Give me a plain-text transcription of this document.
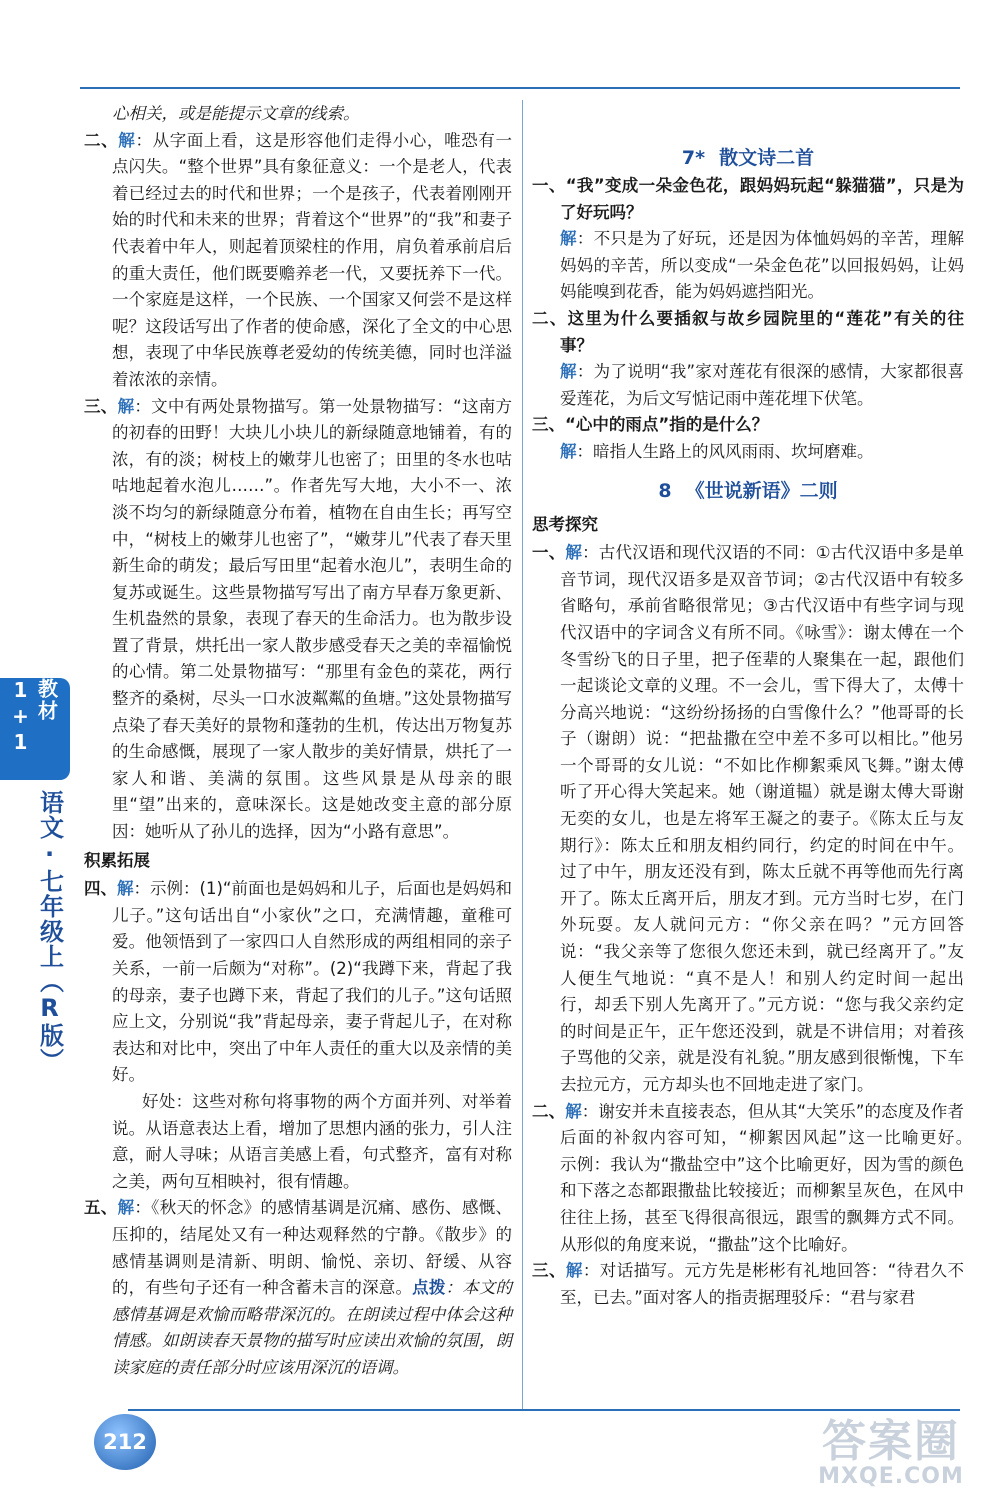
教材1+1
语文·七年级上（R版）

心相关，或是能提示文章的线索。

二、解：从字面上看，这是形容他们走得小心，唯恐有一点闪失。“整个世界”具有象征意义：一个是老人，代表着已经过去的时代和世界；一个是孩子，代表着刚刚开始的时代和未来的世界；背着这个“世界”的“我”和妻子代表着中年人，则起着顶梁柱的作用，肩负着承前启后的重大责任，他们既要赡养老一代，又要抚养下一代。一个家庭是这样，一个民族、一个国家又何尝不是这样呢？这段话写出了作者的使命感，深化了全文的中心思想，表现了中华民族尊老爱幼的传统美德，同时也洋溢着浓浓的亲情。

三、解：文中有两处景物描写。第一处景物描写：“这南方的初春的田野！大块儿小块儿的新绿随意地铺着，有的浓，有的淡；树枝上的嫩芽儿也密了；田里的冬水也咕咕地起着水泡儿……”。作者先写大地，大小不一、浓淡不均匀的新绿随意分布着，植物在自由生长；再写空中，“树枝上的嫩芽儿也密了”，“嫩芽儿”代表了春天里新生命的萌发；最后写田里“起着水泡儿”，表明生命的复苏或诞生。这些景物描写写出了南方早春万象更新、生机盎然的景象，表现了春天的生命活力。也为散步设置了背景，烘托出一家人散步感受春天之美的幸福愉悦的心情。第二处景物描写：“那里有金色的菜花，两行整齐的桑树，尽头一口水波粼粼的鱼塘。”这处景物描写点染了春天美好的景物和蓬勃的生机，传达出万物复苏的生命感慨，展现了一家人散步的美好情景，烘托了一家人和谐、美满的氛围。这些风景是从母亲的眼里“望”出来的，意味深长。这是她改变主意的部分原因：她听从了孙儿的选择，因为“小路有意思”。

积累拓展

四、解：示例：(1)“前面也是妈妈和儿子，后面也是妈妈和儿子。”这句话出自“小家伙”之口，充满情趣，童稚可爱。他领悟到了一家四口人自然形成的两组相同的亲子关系，一前一后颇为“对称”。(2)“我蹲下来，背起了我的母亲，妻子也蹲下来，背起了我们的儿子。”这句话照应上文，分别说“我”背起母亲，妻子背起儿子，在对称表达和对比中，突出了中年人责任的重大以及亲情的美好。

好处：这些对称句将事物的两个方面并列、对举着说。从语意表达上看，增加了思想内涵的张力，引人注意，耐人寻味；从语言美感上看，句式整齐，富有对称之美，两句互相映衬，很有情趣。

五、解：《秋天的怀念》的感情基调是沉痛、感伤、感慨、压抑的，结尾处又有一种达观释然的宁静。《散步》的感情基调则是清新、明朗、愉悦、亲切、舒缓、从容的，有些句子还有一种含蓄未言的深意。点拨：本文的感情基调是欢愉而略带深沉的。在朗读过程中体会这种情感。如朗读春天景物的描写时应读出欢愉的氛围，朗读家庭的责任部分时应该用深沉的语调。

7* 散文诗二首

一、“我”变成一朵金色花，跟妈妈玩起“躲猫猫”，只是为了好玩吗？

解：不只是为了好玩，还是因为体恤妈妈的辛苦，理解妈妈的辛苦，所以变成“一朵金色花”以回报妈妈，让妈妈能嗅到花香，能为妈妈遮挡阳光。

二、这里为什么要插叙与故乡园院里的“莲花”有关的往事？

解：为了说明“我”家对莲花有很深的感情，大家都很喜爱莲花，为后文写惦记雨中莲花埋下伏笔。

三、“心中的雨点”指的是什么？

解：暗指人生路上的风风雨雨、坎坷磨难。

8 《世说新语》二则

思考探究

一、解：古代汉语和现代汉语的不同：①古代汉语中多是单音节词，现代汉语多是双音节词；②古代汉语中有较多省略句，承前省略很常见；③古代汉语中有些字词与现代汉语中的字词含义有所不同。《咏雪》：谢太傅在一个冬雪纷飞的日子里，把子侄辈的人聚集在一起，跟他们一起谈论文章的义理。不一会儿，雪下得大了，太傅十分高兴地说：“这纷纷扬扬的白雪像什么？”他哥哥的长子（谢朗）说：“把盐撒在空中差不多可以相比。”他另一个哥哥的女儿说：“不如比作柳絮乘风飞舞。”谢太傅听了开心得大笑起来。她（谢道韫）就是谢太傅大哥谢无奕的女儿，也是左将军王凝之的妻子。《陈太丘与友期行》：陈太丘和朋友相约同行，约定的时间在中午。过了中午，朋友还没有到，陈太丘就不再等他而先行离开了。陈太丘离开后，朋友才到。元方当时七岁，在门外玩耍。友人就问元方：“你父亲在吗？”元方回答说：“我父亲等了您很久您还未到，就已经离开了。”友人便生气地说：“真不是人！和别人约定时间一起出行，却丢下别人先离开了。”元方说：“您与我父亲约定的时间是正午，正午您还没到，就是不讲信用；对着孩子骂他的父亲，就是没有礼貌。”朋友感到很惭愧，下车去拉元方，元方却头也不回地走进了家门。

二、解：谢安并未直接表态，但从其“大笑乐”的态度及作者后面的补叙内容可知，“柳絮因风起”这一比喻更好。　示例：我认为“撒盐空中”这个比喻更好，因为雪的颜色和下落之态都跟撒盐比较接近；而柳絮呈灰色，在风中往往上扬，甚至飞得很高很远，跟雪的飘舞方式不同。从形似的角度来说，“撒盐”这个比喻好。

三、解：对话描写。元方先是彬彬有礼地回答：“待君久不至，已去。”面对客人的指责据理驳斥：“君与家君

212	答案圈
MXQE.COM
